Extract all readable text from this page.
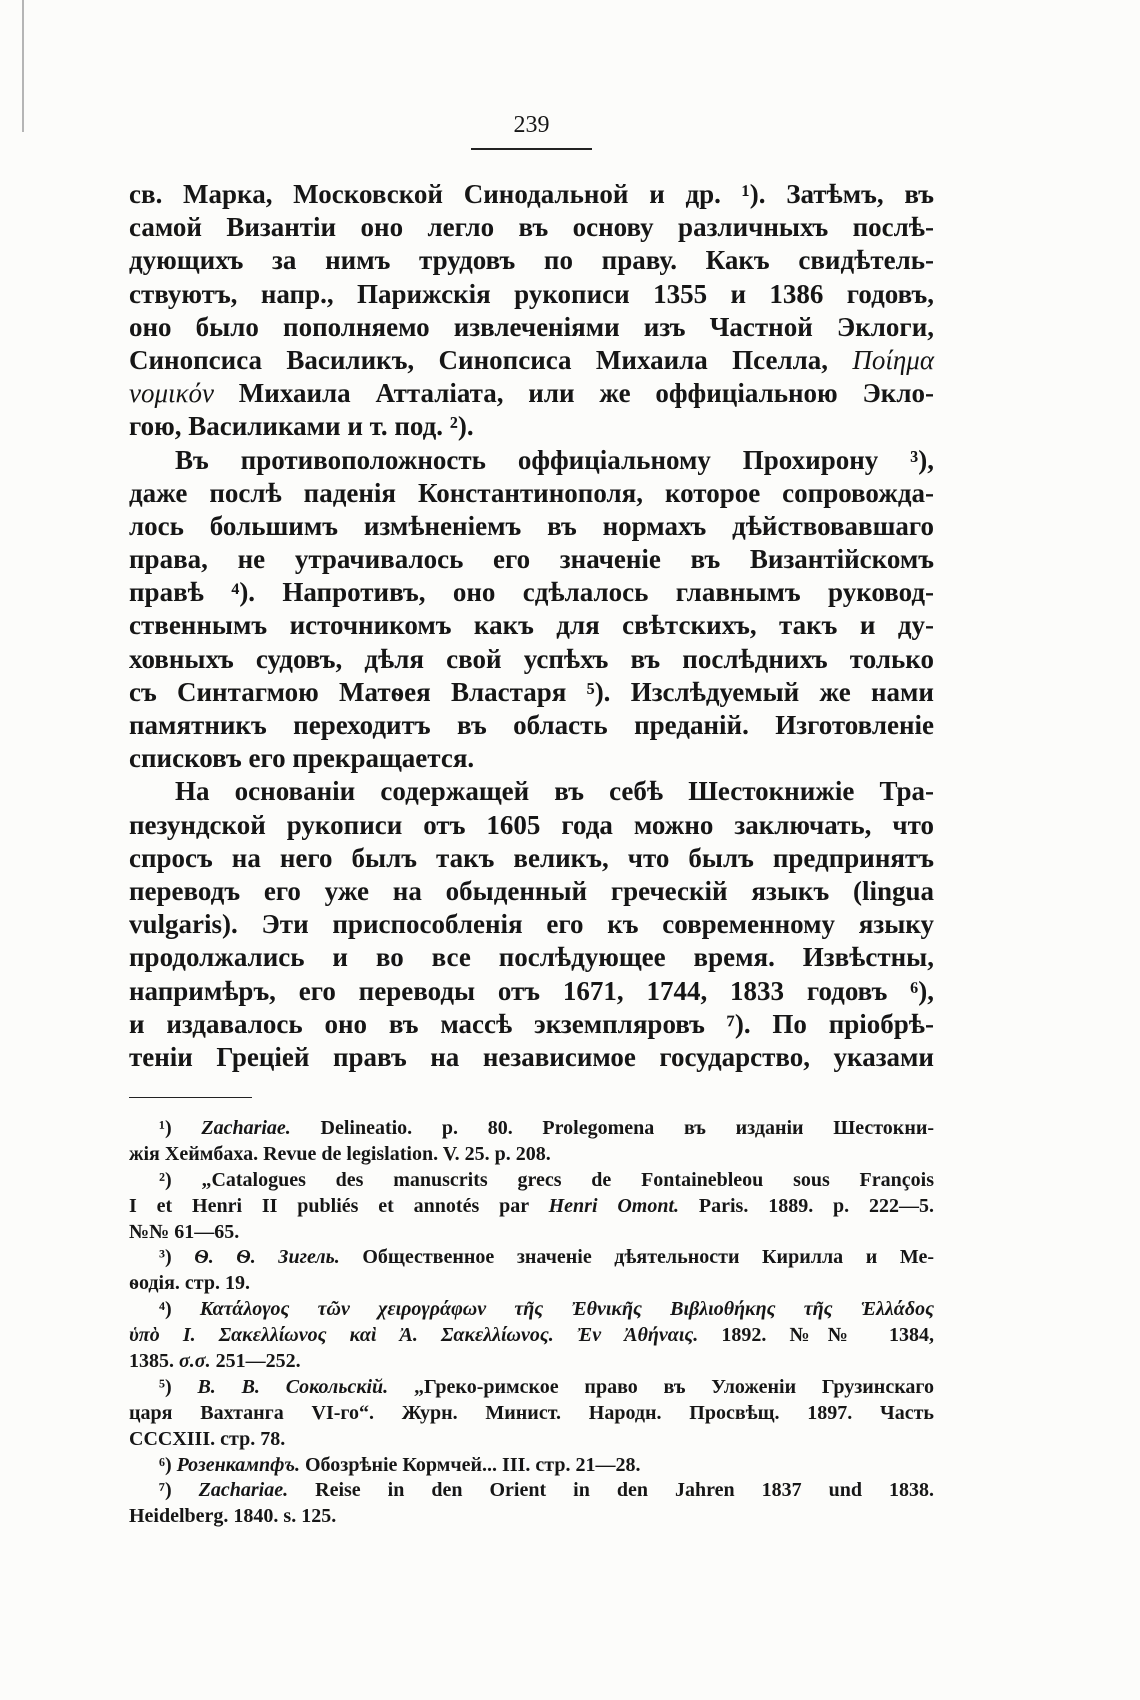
239
св. Марка, Московской Синодальной и др. ¹). Затѣмъ, въ
самой Византіи оно легло въ основу различныхъ послѣ-
дующихъ за нимъ трудовъ по праву. Какъ свидѣтель-
ствуютъ, напр., Парижскія рукописи 1355 и 1386 годовъ,
оно было пополняемо извлеченіями изъ Частной Эклоги,
Синопсиса Василикъ, Синопсиса Михаила Пселла, Ποίημα
νομικόν Михаила Атталіата, или же оффиціальною Экло-
гою, Василиками и т. под. ²).
Въ противоположность оффиціальному Прохирону ³),
даже послѣ паденія Константинополя, которое сопровожда-
лось большимъ измѣненіемъ въ нормахъ дѣйствовавшаго
права, не утрачивалось его значеніе въ Византійскомъ
правѣ ⁴). Напротивъ, оно сдѣлалось главнымъ руковод-
ственнымъ источникомъ какъ для свѣтскихъ, такъ и ду-
ховныхъ судовъ, дѣля свой успѣхъ въ послѣднихъ только
съ Синтагмою Матѳея Властаря ⁵). Изслѣдуемый же нами
памятникъ переходитъ въ область преданій. Изготовленіе
списковъ его прекращается.
На основаніи содержащей въ себѣ Шестокнижіе Тра-
пезундской рукописи отъ 1605 года можно заключать, что
спросъ на него былъ такъ великъ, что былъ предпринятъ
переводъ его уже на обыденный греческій языкъ (lingua
vulgaris). Эти приспособленія его къ современному языку
продолжались и во все послѣдующее время. Извѣстны,
напримѣръ, его переводы отъ 1671, 1744, 1833 годовъ ⁶),
и издавалось оно въ массѣ экземпляровъ ⁷). По пріобрѣ-
теніи Греціей правъ на независимое государство, указами
¹) Zachariae. Delineatio. p. 80. Prolegomena въ изданіи Шестокни-
жія Хеймбаха. Revue de legislation. V. 25. p. 208.
²) „Catalogues des manuscrits grecs de Fontainebleou sous François
I et Henri II publiés et annotés par Henri Omont. Paris. 1889. p. 222—5.
№№ 61—65.
³) Ѳ. Ѳ. Зигель. Общественное значеніе дѣятельности Кирилла и Ме-
ѳодія. стр. 19.
⁴) Κατάλογος τῶν χειρογράφων τῆς Ἐθνικῆς Βιβλιοθήκης τῆς Ἑλλάδος
ὑπὸ Ι. Σακελλίωνος καὶ Ἀ. Σακελλίωνος. Ἐν Ἀθήναις. 1892. №№ 1384,
1385. σ.σ. 251—252.
⁵) В. В. Сокольскій. „Греко-римское право въ Уложеніи Грузинскаго
царя Вахтанга VI-го“. Журн. Минист. Народн. Просвѣщ. 1897. Часть
CCCXIII. стр. 78.
⁶) Розенкампфъ. Обозрѣніе Кормчей... III. стр. 21—28.
⁷) Zachariae. Reise in den Orient in den Jahren 1837 und 1838.
Heidelberg. 1840. s. 125.
